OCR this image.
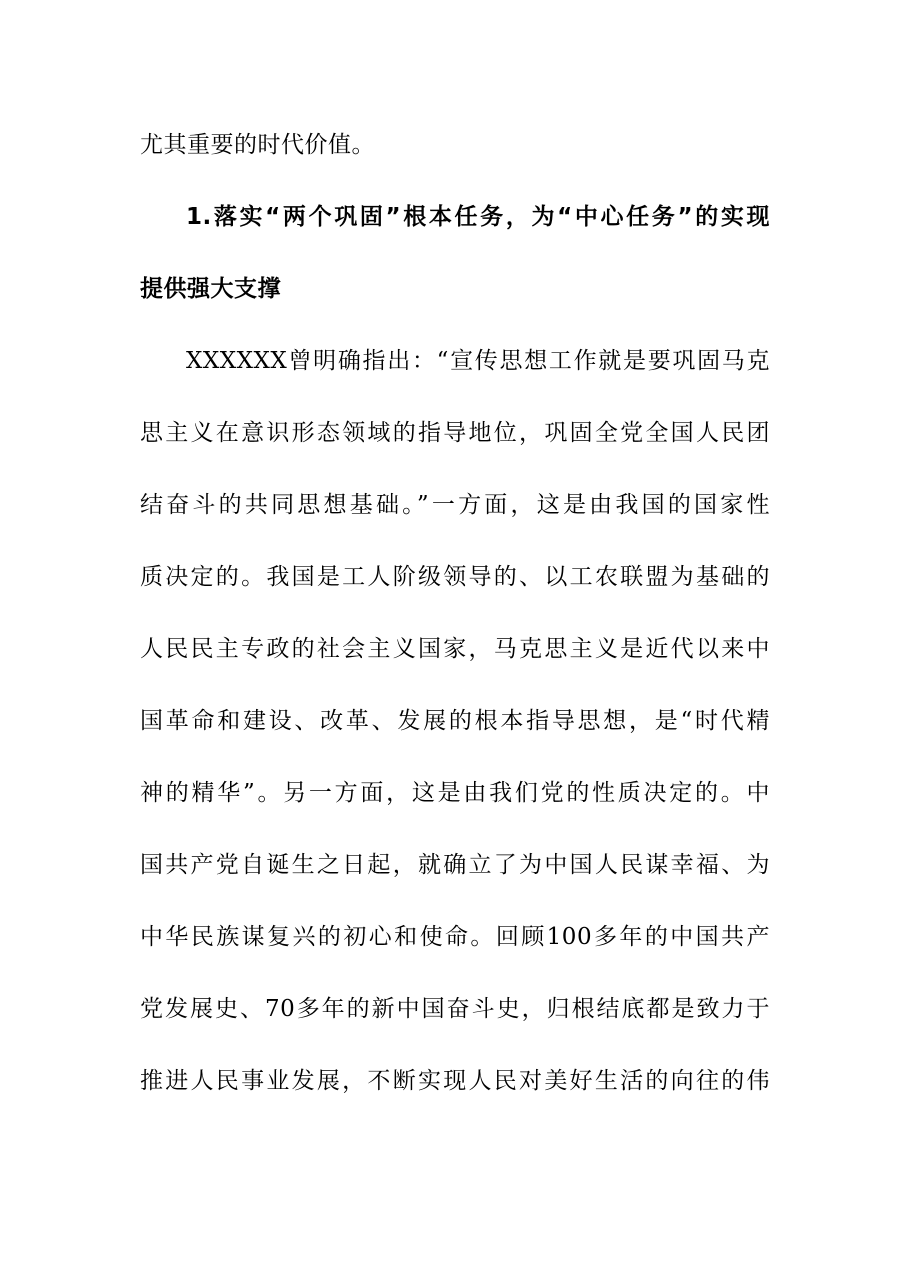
尤其重要的时代价值。
1.落实“两个巩固”根本任务，为“中心任务”的实现
提供强大支撑
XXXXXX曾明确指出：“宣传思想工作就是要巩固马克
思主义在意识形态领域的指导地位，巩固全党全国人民团
结奋斗的共同思想基础。”一方面，这是由我国的国家性
质决定的。我国是工人阶级领导的、以工农联盟为基础的
人民民主专政的社会主义国家，马克思主义是近代以来中
国革命和建设、改革、发展的根本指导思想，是“时代精
神的精华”。另一方面，这是由我们党的性质决定的。中
国共产党自诞生之日起，就确立了为中国人民谋幸福、为
中华民族谋复兴的初心和使命。回顾100多年的中国共产
党发展史、70多年的新中国奋斗史，归根结底都是致力于
推进人民事业发展，不断实现人民对美好生活的向往的伟
